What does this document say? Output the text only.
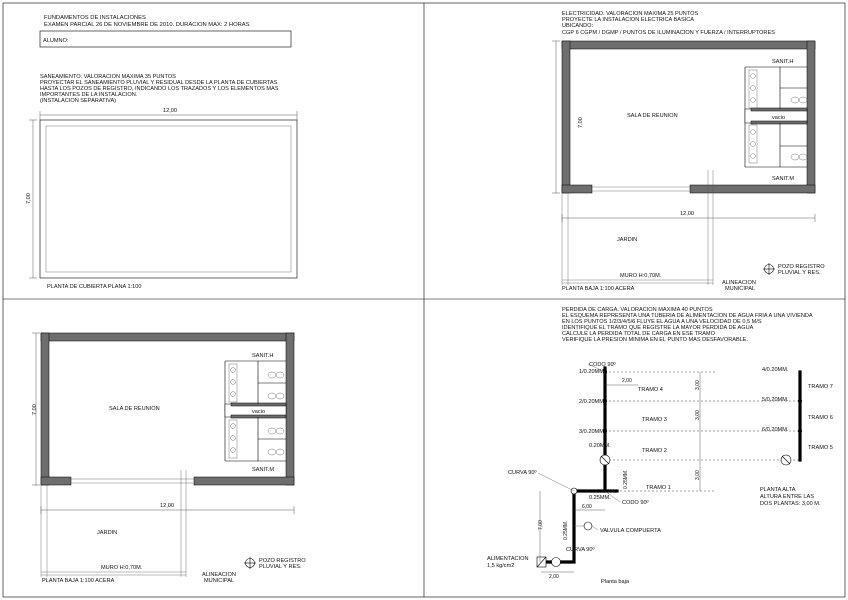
FUNDAMENTOS DE INSTALACIONES
EXAMEN PARCIAL 26 DE NOVIEMBRE DE 2010. DURACION MAX: 2 HORAS
ALUMNO:
SANEAMIENTO. VALORACION MAXIMA 35 PUNTOS
PROYECTAR EL SANEAMIENTO PLUVIAL Y RESIDUAL DESDE LA PLANTA DE CUBIERTAS
HASTA LOS POZOS DE REGISTRO, INDICANDO LOS TRAZADOS Y LOS ELEMENTOS MAS
IMPORTANTES DE LA INSTALACION.
(INSTALACION SEPARATIVA)
12,00
7,00
PLANTA DE CUBIERTA PLANA 1:100
ELECTRICIDAD. VALORACION MAXIMA 25 PUNTOS
PROYECTE LA INSTALACION ELECTRICA BASICA
UBICANDO:
CGP 6 CGPM / DGMP / PUNTOS DE ILUMINACION Y FUERZA / INTERRUPTORES
vacio
SANIT.H
SANIT.M
SALA DE REUNION
7,00
12,00
JARDIN
MURO H:0,70M.
ALINEACION
MUNICIPAL
POZO REGISTRO
PLUVIAL Y RES.
PLANTA BAJA 1:100 ACERA
vacio
SANIT.H
SANIT.M
SALA DE REUNION
7,00
12,00
JARDIN
MURO H:0,70M.
ALINEACION
MUNICIPAL
POZO REGISTRO
PLUVIAL Y RES.
PLANTA BAJA 1:100 ACERA
PERDIDA DE CARGA. VALORACION MAXIMA 40 PUNTOS
EL ESQUEMA REPRESENTA UNA TUBERIA DE ALIMENTACION DE AGUA FRIA A UNA VIVIENDA
EN LOS PUNTOS 1/2/3/4/5/6 FLUYE EL AGUA A UNA VELOCIDAD DE 0,5 M/S
IDENTIFIQUE EL TRAMO QUE REGISTRE LA MAYOR PERDIDA DE AGUA
CALCULE LA PERDIDA TOTAL DE CARGA EN ESE TRAMO
VERIFIQUE LA PRESION MINIMA EN EL PUNTO MAS DESFAVORABLE.
3,00
3,00
3,00
CODO 90º
1/0.20MM.
2/0.20MM.
3/0.20MM.
0.20MM.
2,00
TRAMO 4
TRAMO 3
TRAMO 2
TRAMO 1
0.25MM.
0.25MM.
0.25MM.
CURVA 90º
CODO 90º
6,00
7,00
VALVULA COMPUERTA
CURVA 90º
ALIMENTACION
1,5 kg/cm2
2,00
4/0.20MM.
5/0.20MM.
6/0.20MM.
TRAMO 7
TRAMO 6
TRAMO 5
PLANTA ALTA
ALTURA ENTRE LAS
DOS PLANTAS: 3,00 M.
Planta baja
